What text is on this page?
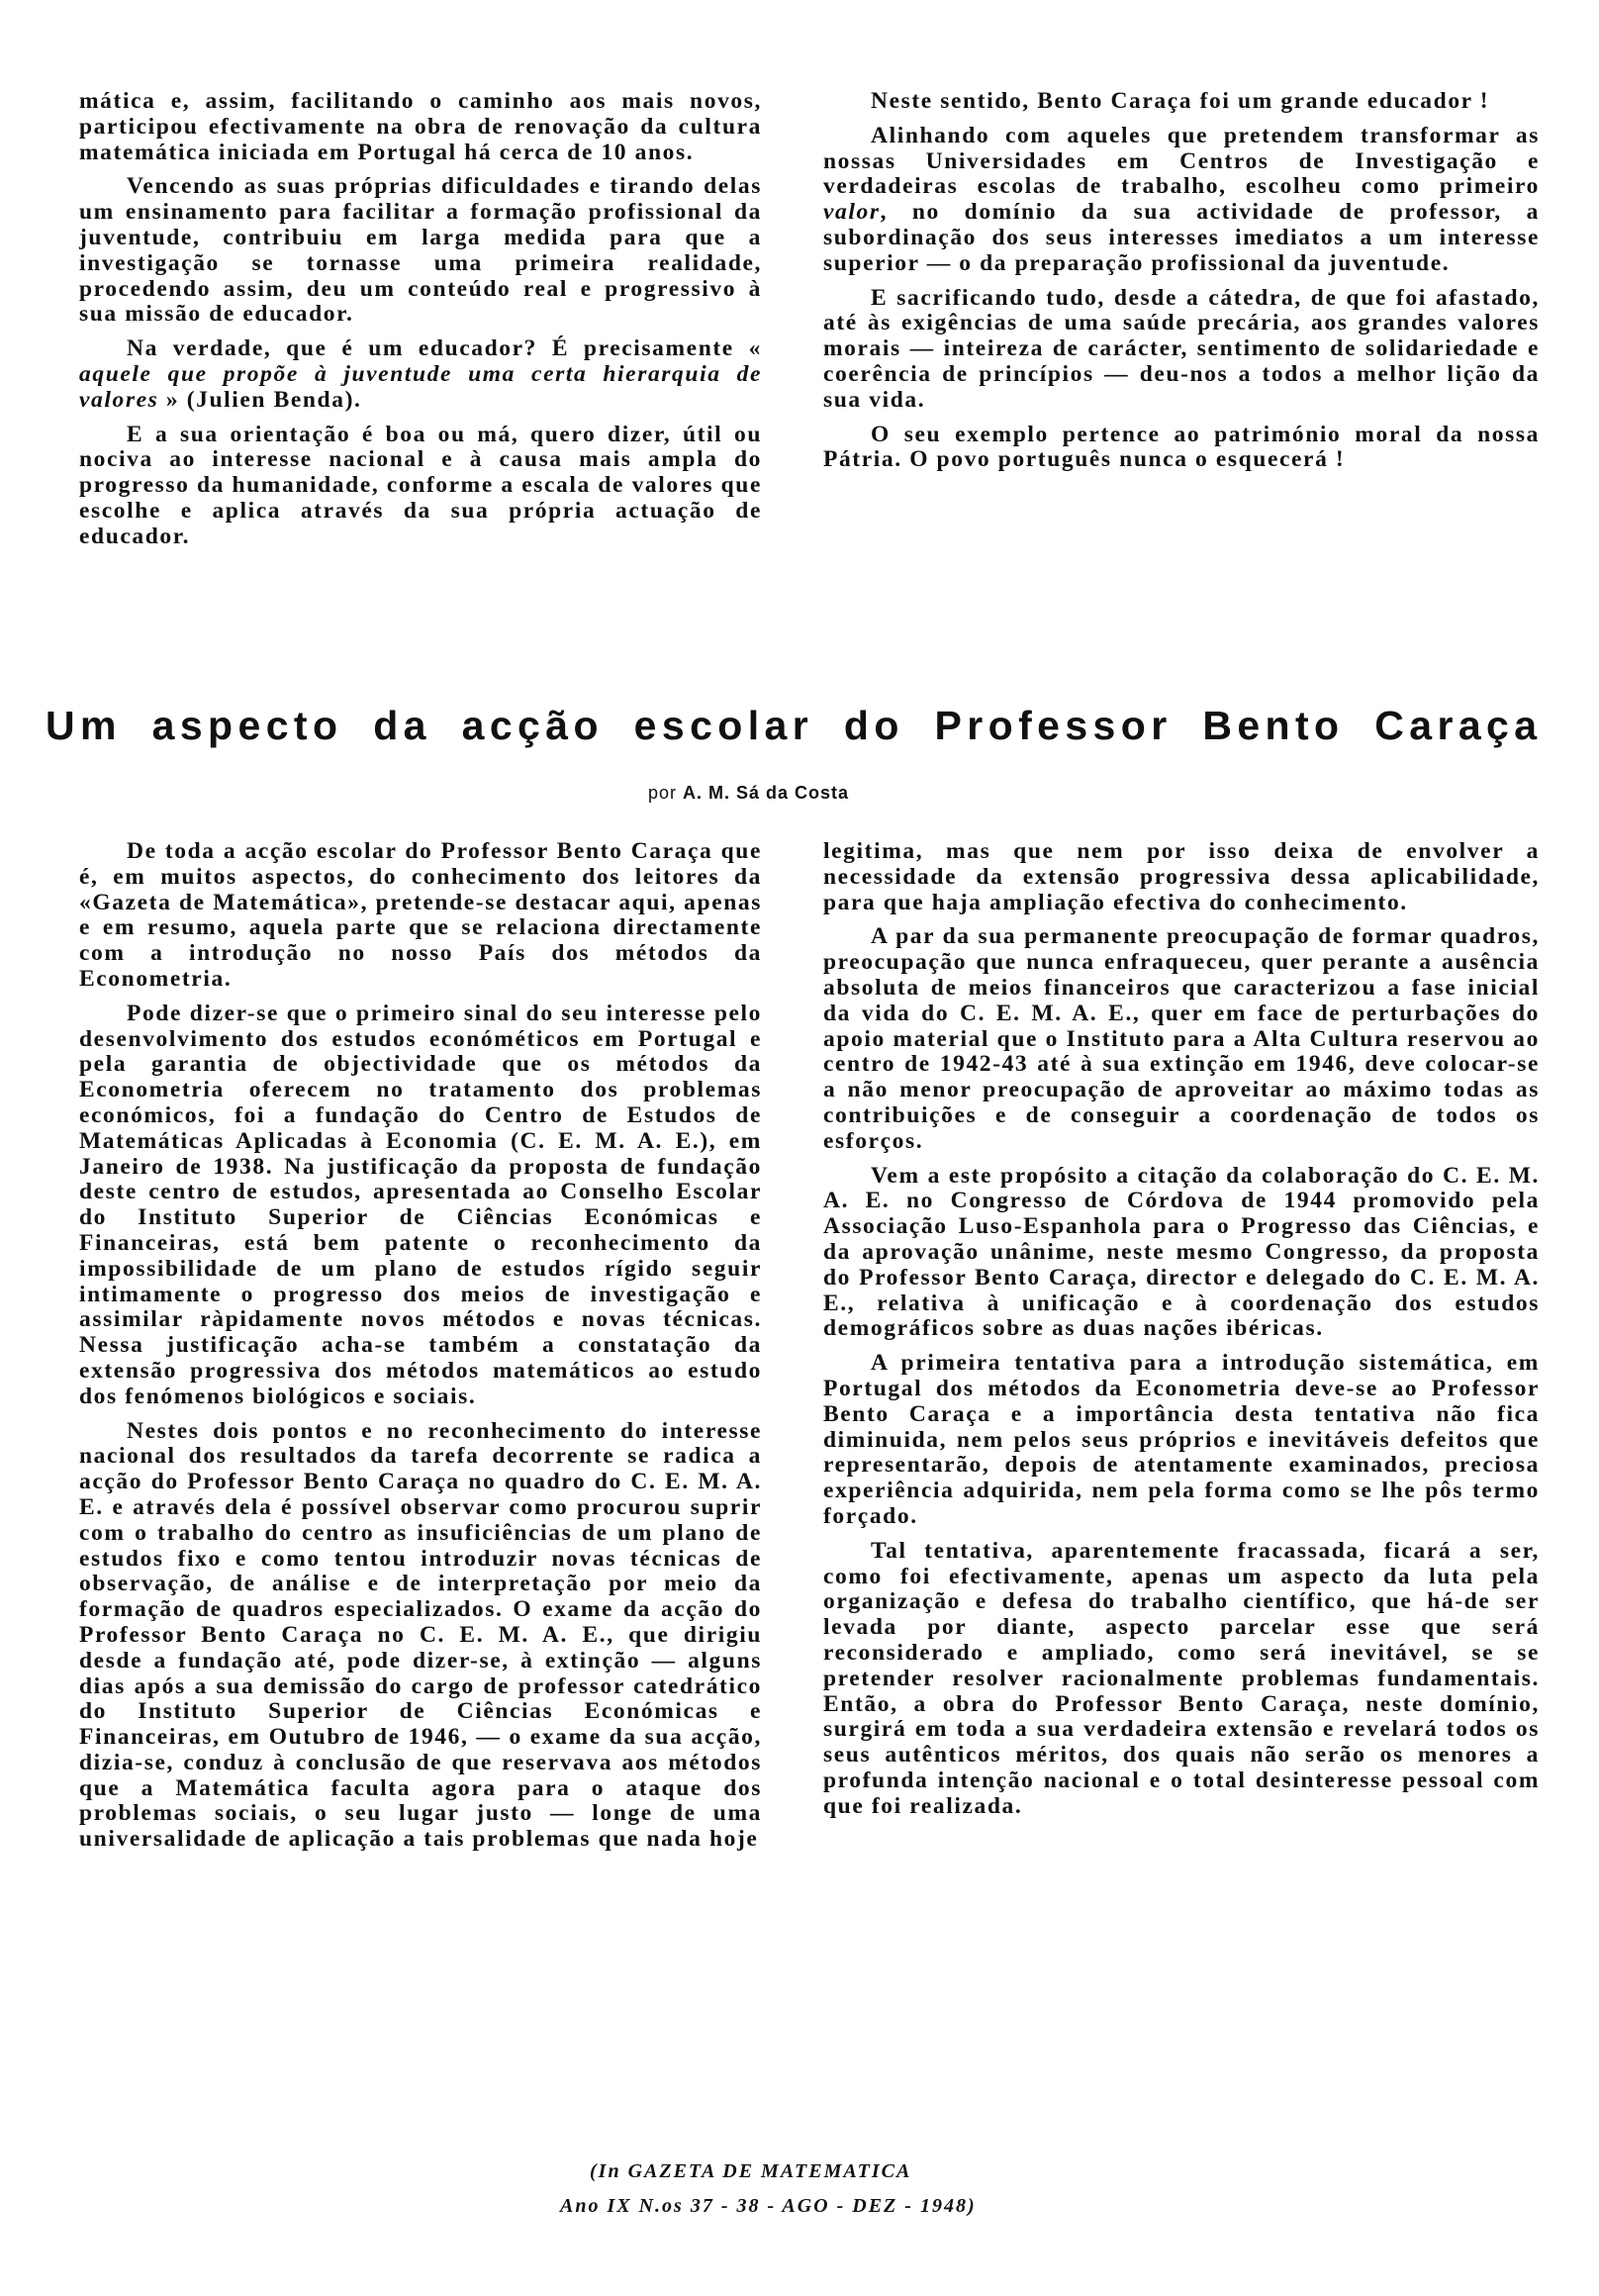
mática e, assim, facilitando o caminho aos mais novos, participou efectivamente na obra de renovação da cultura matemática iniciada em Portugal há cerca de 10 anos.

Vencendo as suas próprias dificuldades e tirando delas um ensinamento para facilitar a formação profissional da juventude, contribuiu em larga medida para que a investigação se tornasse uma primeira realidade, procedendo assim, deu um conteúdo real e progressivo à sua missão de educador.

Na verdade, que é um educador? É precisamente « aquele que propõe à juventude uma certa hierarquia de valores » (Julien Benda).

E a sua orientação é boa ou má, quero dizer, útil ou nociva ao interesse nacional e à causa mais ampla do progresso da humanidade, conforme a escala de valores que escolhe e aplica através da sua própria actuação de educador.

Neste sentido, Bento Caraça foi um grande educador !

Alinhando com aqueles que pretendem transformar as nossas Universidades em Centros de Investigação e verdadeiras escolas de trabalho, escolheu como primeiro valor, no domínio da sua actividade de professor, a subordinação dos seus interesses imediatos a um interesse superior — o da preparação profissional da juventude.

E sacrificando tudo, desde a cátedra, de que foi afastado, até às exigências de uma saúde precária, aos grandes valores morais — inteireza de carácter, sentimento de solidariedade e coerência de princípios — deu-nos a todos a melhor lição da sua vida.

O seu exemplo pertence ao património moral da nossa Pátria. O povo português nunca o esquecerá !

Um aspecto da acção escolar do Professor Bento Caraça
por A. M. Sá da Costa

De toda a acção escolar do Professor Bento Caraça que é, em muitos aspectos, do conhecimento dos leitores da «Gazeta de Matemática», pretende-se destacar aqui, apenas e em resumo, aquela parte que se relaciona directamente com a introdução no nosso País dos métodos da Econometria.

Pode dizer-se que o primeiro sinal do seu interesse pelo desenvolvimento dos estudos económéticos em Portugal e pela garantia de objectividade que os métodos da Econometria oferecem no tratamento dos problemas económicos, foi a fundação do Centro de Estudos de Matemáticas Aplicadas à Economia (C. E. M. A. E.), em Janeiro de 1938. Na justificação da proposta de fundação deste centro de estudos, apresentada ao Conselho Escolar do Instituto Superior de Ciências Económicas e Financeiras, está bem patente o reconhecimento da impossibilidade de um plano de estudos rígido seguir intimamente o progresso dos meios de investigação e assimilar ràpidamente novos métodos e novas técnicas. Nessa justificação acha-se também a constatação da extensão progressiva dos métodos matemáticos ao estudo dos fenómenos biológicos e sociais.

Nestes dois pontos e no reconhecimento do interesse nacional dos resultados da tarefa decorrente se radica a acção do Professor Bento Caraça no quadro do C. E. M. A. E. e através dela é possível observar como procurou suprir com o trabalho do centro as insuficiências de um plano de estudos fixo e como tentou introduzir novas técnicas de observação, de análise e de interpretação por meio da formação de quadros especializados. O exame da acção do Professor Bento Caraça no C. E. M. A. E., que dirigiu desde a fundação até, pode dizer-se, à extinção — alguns dias após a sua demissão do cargo de professor catedrático do Instituto Superior de Ciências Económicas e Financeiras, em Outubro de 1946, — o exame da sua acção, dizia-se, conduz à conclusão de que reservava aos métodos que a Matemática faculta agora para o ataque dos problemas sociais, o seu lugar justo — longe de uma universalidade de aplicação a tais problemas que nada hoje

legitima, mas que nem por isso deixa de envolver a necessidade da extensão progressiva dessa aplicabilidade, para que haja ampliação efectiva do conhecimento.

A par da sua permanente preocupação de formar quadros, preocupação que nunca enfraqueceu, quer perante a ausência absoluta de meios financeiros que caracterizou a fase inicial da vida do C. E. M. A. E., quer em face de perturbações do apoio material que o Instituto para a Alta Cultura reservou ao centro de 1942-43 até à sua extinção em 1946, deve colocar-se a não menor preocupação de aproveitar ao máximo todas as contribuições e de conseguir a coordenação de todos os esforços.

Vem a este propósito a citação da colaboração do C. E. M. A. E. no Congresso de Córdova de 1944 promovido pela Associação Luso-Espanhola para o Progresso das Ciências, e da aprovação unânime, neste mesmo Congresso, da proposta do Professor Bento Caraça, director e delegado do C. E. M. A. E., relativa à unificação e à coordenação dos estudos demográficos sobre as duas nações ibéricas.

A primeira tentativa para a introdução sistemática, em Portugal dos métodos da Econometria deve-se ao Professor Bento Caraça e a importância desta tentativa não fica diminuida, nem pelos seus próprios e inevitáveis defeitos que representarão, depois de atentamente examinados, preciosa experiência adquirida, nem pela forma como se lhe pôs termo forçado.

Tal tentativa, aparentemente fracassada, ficará a ser, como foi efectivamente, apenas um aspecto da luta pela organização e defesa do trabalho científico, que há-de ser levada por diante, aspecto parcelar esse que será reconsiderado e ampliado, como será inevitável, se se pretender resolver racionalmente problemas fundamentais. Então, a obra do Professor Bento Caraça, neste domínio, surgirá em toda a sua verdadeira extensão e revelará todos os seus autênticos méritos, dos quais não serão os menores a profunda intenção nacional e o total desinteresse pessoal com que foi realizada.

(In GAZETA DE MATEMATICA
Ano IX N.os 37 - 38 - AGO - DEZ - 1948)
